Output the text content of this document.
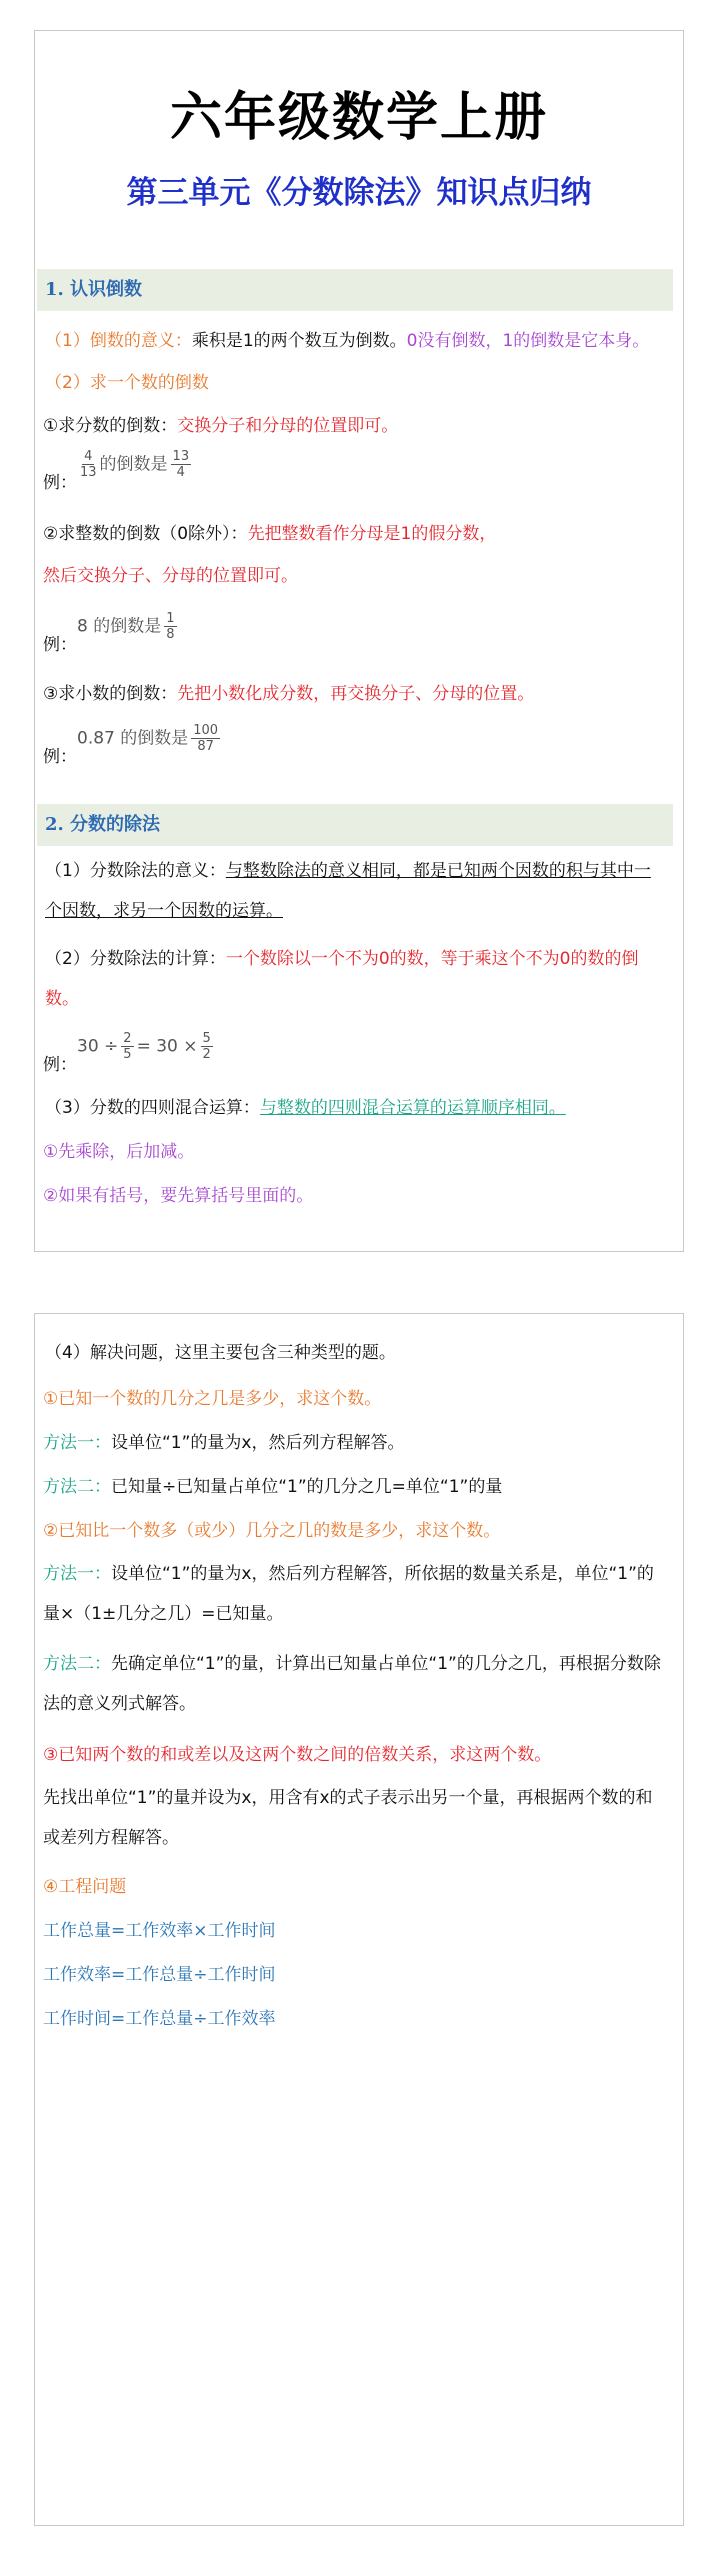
六年级数学上册
第三单元《分数除法》知识点归纳
1. 认识倒数
（1）倒数的意义：乘积是1的两个数互为倒数。0没有倒数，1的倒数是它本身。
（2）求一个数的倒数
①求分数的倒数：交换分子和分母的位置即可。
例：
$\frac{4}{13}$ 的倒数是 $\frac{13}{4}$
②求整数的倒数（0除外）：先把整数看作分母是1的假分数，
然后交换分子、分母的位置即可。
例：8 的倒数是 $\frac{1}{8}$
③求小数的倒数：先把小数化成分数，再交换分子、分母的位置。
例：0.87 的倒数是 $\frac{100}{87}$
2. 分数的除法
（1）分数除法的意义：与整数除法的意义相同，都是已知两个因数的积与其中一个因数，求另一个因数的运算。
（2）分数除法的计算：一个数除以一个不为0的数，等于乘这个不为0的数的倒数。
例：$30 \div \frac{2}{5} = 30 \times \frac{5}{2}$
（3）分数的四则混合运算：与整数的四则混合运算的运算顺序相同。
①先乘除，后加减。
②如果有括号，要先算括号里面的。
（4）解决问题，这里主要包含三种类型的题。
①已知一个数的几分之几是多少，求这个数。
方法一：设单位“1”的量为x，然后列方程解答。
方法二：已知量÷已知量占单位“1”的几分之几=单位“1”的量
②已知比一个数多（或少）几分之几的数是多少，求这个数。
方法一：设单位“1”的量为x，然后列方程解答，所依据的数量关系是，单位“1”的量×（1±几分之几）=已知量。
方法二：先确定单位“1”的量，计算出已知量占单位“1”的几分之几，再根据分数除法的意义列式解答。
③已知两个数的和或差以及这两个数之间的倍数关系，求这两个数。
先找出单位“1”的量并设为x，用含有x的式子表示出另一个量，再根据两个数的和或差列方程解答。
④工程问题
工作总量=工作效率×工作时间
工作效率=工作总量÷工作时间
工作时间=工作总量÷工作效率
